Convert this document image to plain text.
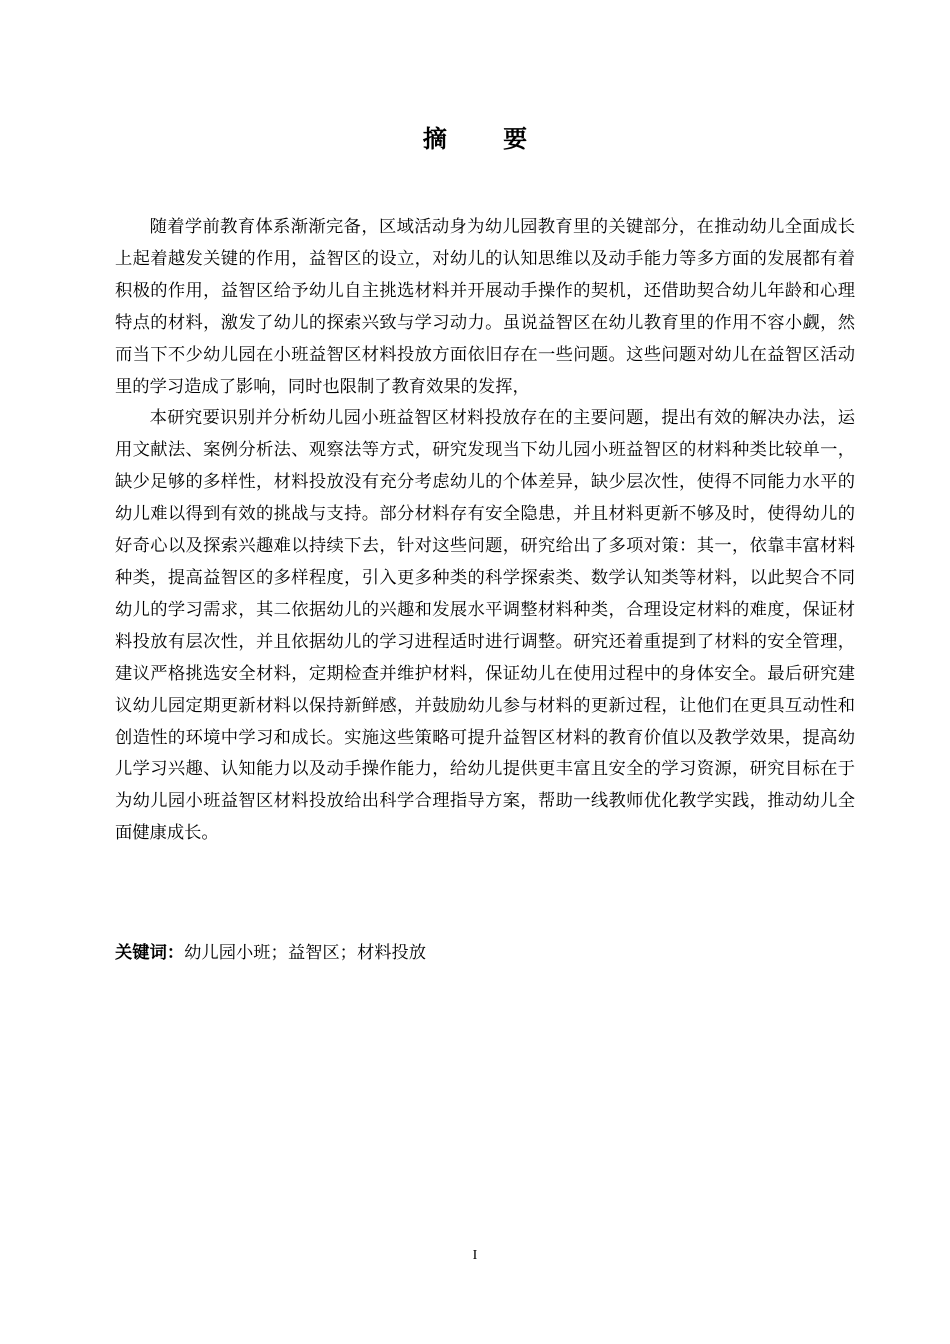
摘 要

随着学前教育体系渐渐完备，区域活动身为幼儿园教育里的关键部分，在推动幼儿全面成长上起着越发关键的作用，益智区的设立，对幼儿的认知思维以及动手能力等多方面的发展都有着积极的作用，益智区给予幼儿自主挑选材料并开展动手操作的契机，还借助契合幼儿年龄和心理特点的材料，激发了幼儿的探索兴致与学习动力。虽说益智区在幼儿教育里的作用不容小觑，然而当下不少幼儿园在小班益智区材料投放方面依旧存在一些问题。这些问题对幼儿在益智区活动里的学习造成了影响，同时也限制了教育效果的发挥，

本研究要识别并分析幼儿园小班益智区材料投放存在的主要问题，提出有效的解决办法，运用文献法、案例分析法、观察法等方式，研究发现当下幼儿园小班益智区的材料种类比较单一，缺少足够的多样性，材料投放没有充分考虑幼儿的个体差异，缺少层次性，使得不同能力水平的幼儿难以得到有效的挑战与支持。部分材料存有安全隐患，并且材料更新不够及时，使得幼儿的好奇心以及探索兴趣难以持续下去，针对这些问题，研究给出了多项对策：其一，依靠丰富材料种类，提高益智区的多样程度，引入更多种类的科学探索类、数学认知类等材料，以此契合不同幼儿的学习需求，其二依据幼儿的兴趣和发展水平调整材料种类，合理设定材料的难度，保证材料投放有层次性，并且依据幼儿的学习进程适时进行调整。研究还着重提到了材料的安全管理，建议严格挑选安全材料，定期检查并维护材料，保证幼儿在使用过程中的身体安全。最后研究建议幼儿园定期更新材料以保持新鲜感，并鼓励幼儿参与材料的更新过程，让他们在更具互动性和创造性的环境中学习和成长。实施这些策略可提升益智区材料的教育价值以及教学效果，提高幼儿学习兴趣、认知能力以及动手操作能力，给幼儿提供更丰富且安全的学习资源，研究目标在于为幼儿园小班益智区材料投放给出科学合理指导方案，帮助一线教师优化教学实践，推动幼儿全面健康成长。

关键词：幼儿园小班；益智区；材料投放
I
